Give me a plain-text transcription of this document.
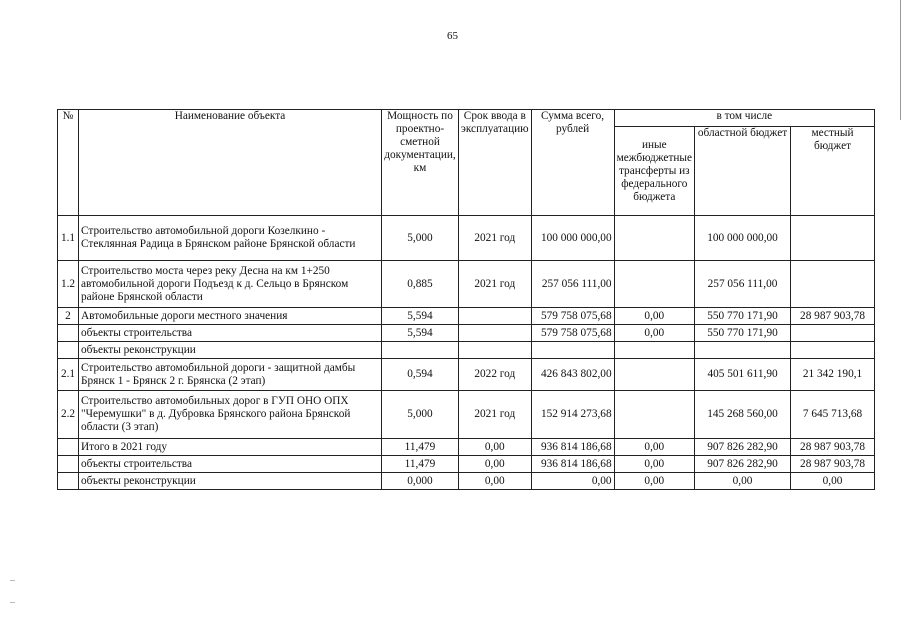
65
№	Наименование объекта	Мощность по проектно-сметной документации, км	Срок ввода в эксплуатацию	Сумма всего, рублей	в том числе		
					иные межбюджетные трансферты из федерального бюджета	областной бюджет	местный бюджет
1.1	Строительство автомобильной дороги Козелкино - Стеклянная Радица в Брянском районе Брянской области	5,000	2021 год	100 000 000,00		100 000 000,00	
1.2	Строительство моста через реку Десна на км 1+250 автомобильной дороги Подъезд к д. Сельцо в Брянском районе Брянской области	0,885	2021 год	257 056 111,00		257 056 111,00	
2	Автомобильные дороги местного значения	5,594		579 758 075,68	0,00	550 770 171,90	28 987 903,78
	объекты строительства	5,594		579 758 075,68	0,00	550 770 171,90	
	объекты реконструкции						
2.1	Строительство автомобильной дороги - защитной дамбы Брянск 1 - Брянск 2 г. Брянска (2 этап)	0,594	2022 год	426 843 802,00		405 501 611,90	21 342 190,1
2.2	Строительство автомобильных дорог в ГУП ОНО ОПХ "Черемушки" в д. Дубровка Брянского района Брянской области (3 этап)	5,000	2021 год	152 914 273,68		145 268 560,00	7 645 713,68
	Итого в 2021 году	11,479	0,00	936 814 186,68	0,00	907 826 282,90	28 987 903,78
	объекты строительства	11,479	0,00	936 814 186,68	0,00	907 826 282,90	28 987 903,78
	объекты реконструкции	0,000	0,00	0,00	0,00	0,00	0,00
